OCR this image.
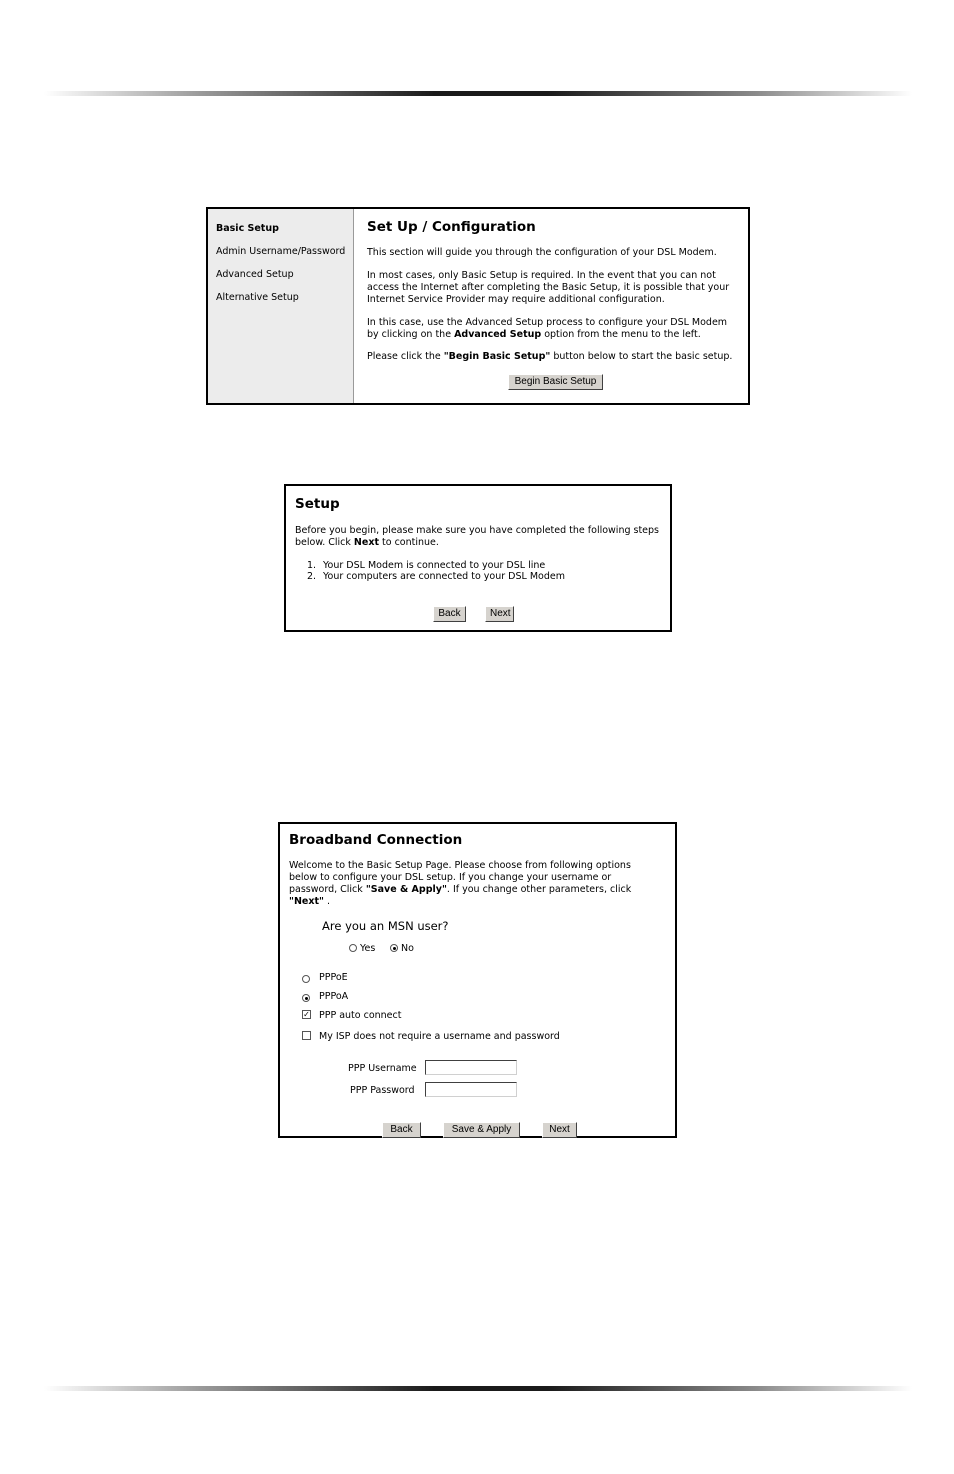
Basic Setup
Admin Username/Password
Advanced Setup
Alternative Setup
Set Up / Configuration
This section will guide you through the configuration of your DSL Modem.
In most cases, only Basic Setup is required. In the event that you can not
access the Internet after completing the Basic Setup, it is possible that your
Internet Service Provider may require additional configuration.
In this case, use the Advanced Setup process to configure your DSL Modem
by clicking on the Advanced Setup option from the menu to the left.
Please click the "Begin Basic Setup" button below to start the basic setup.
Begin Basic Setup
Setup
Before you begin, please make sure you have completed the following steps
below. Click Next to continue.
1. Your DSL Modem is connected to your DSL line
2. Your computers are connected to your DSL Modem
Back	Next
Broadband Connection
Welcome to the Basic Setup Page. Please choose from following options
below to configure your DSL setup. If you change your username or
password, Click "Save & Apply". If you change other parameters, click
"Next" .
Are you an MSN user?
Yes	No
PPPoE
PPPoA
✓ PPP auto connect
My ISP does not require a username and password
PPP Username
PPP Password
Back	Save & Apply	Next
